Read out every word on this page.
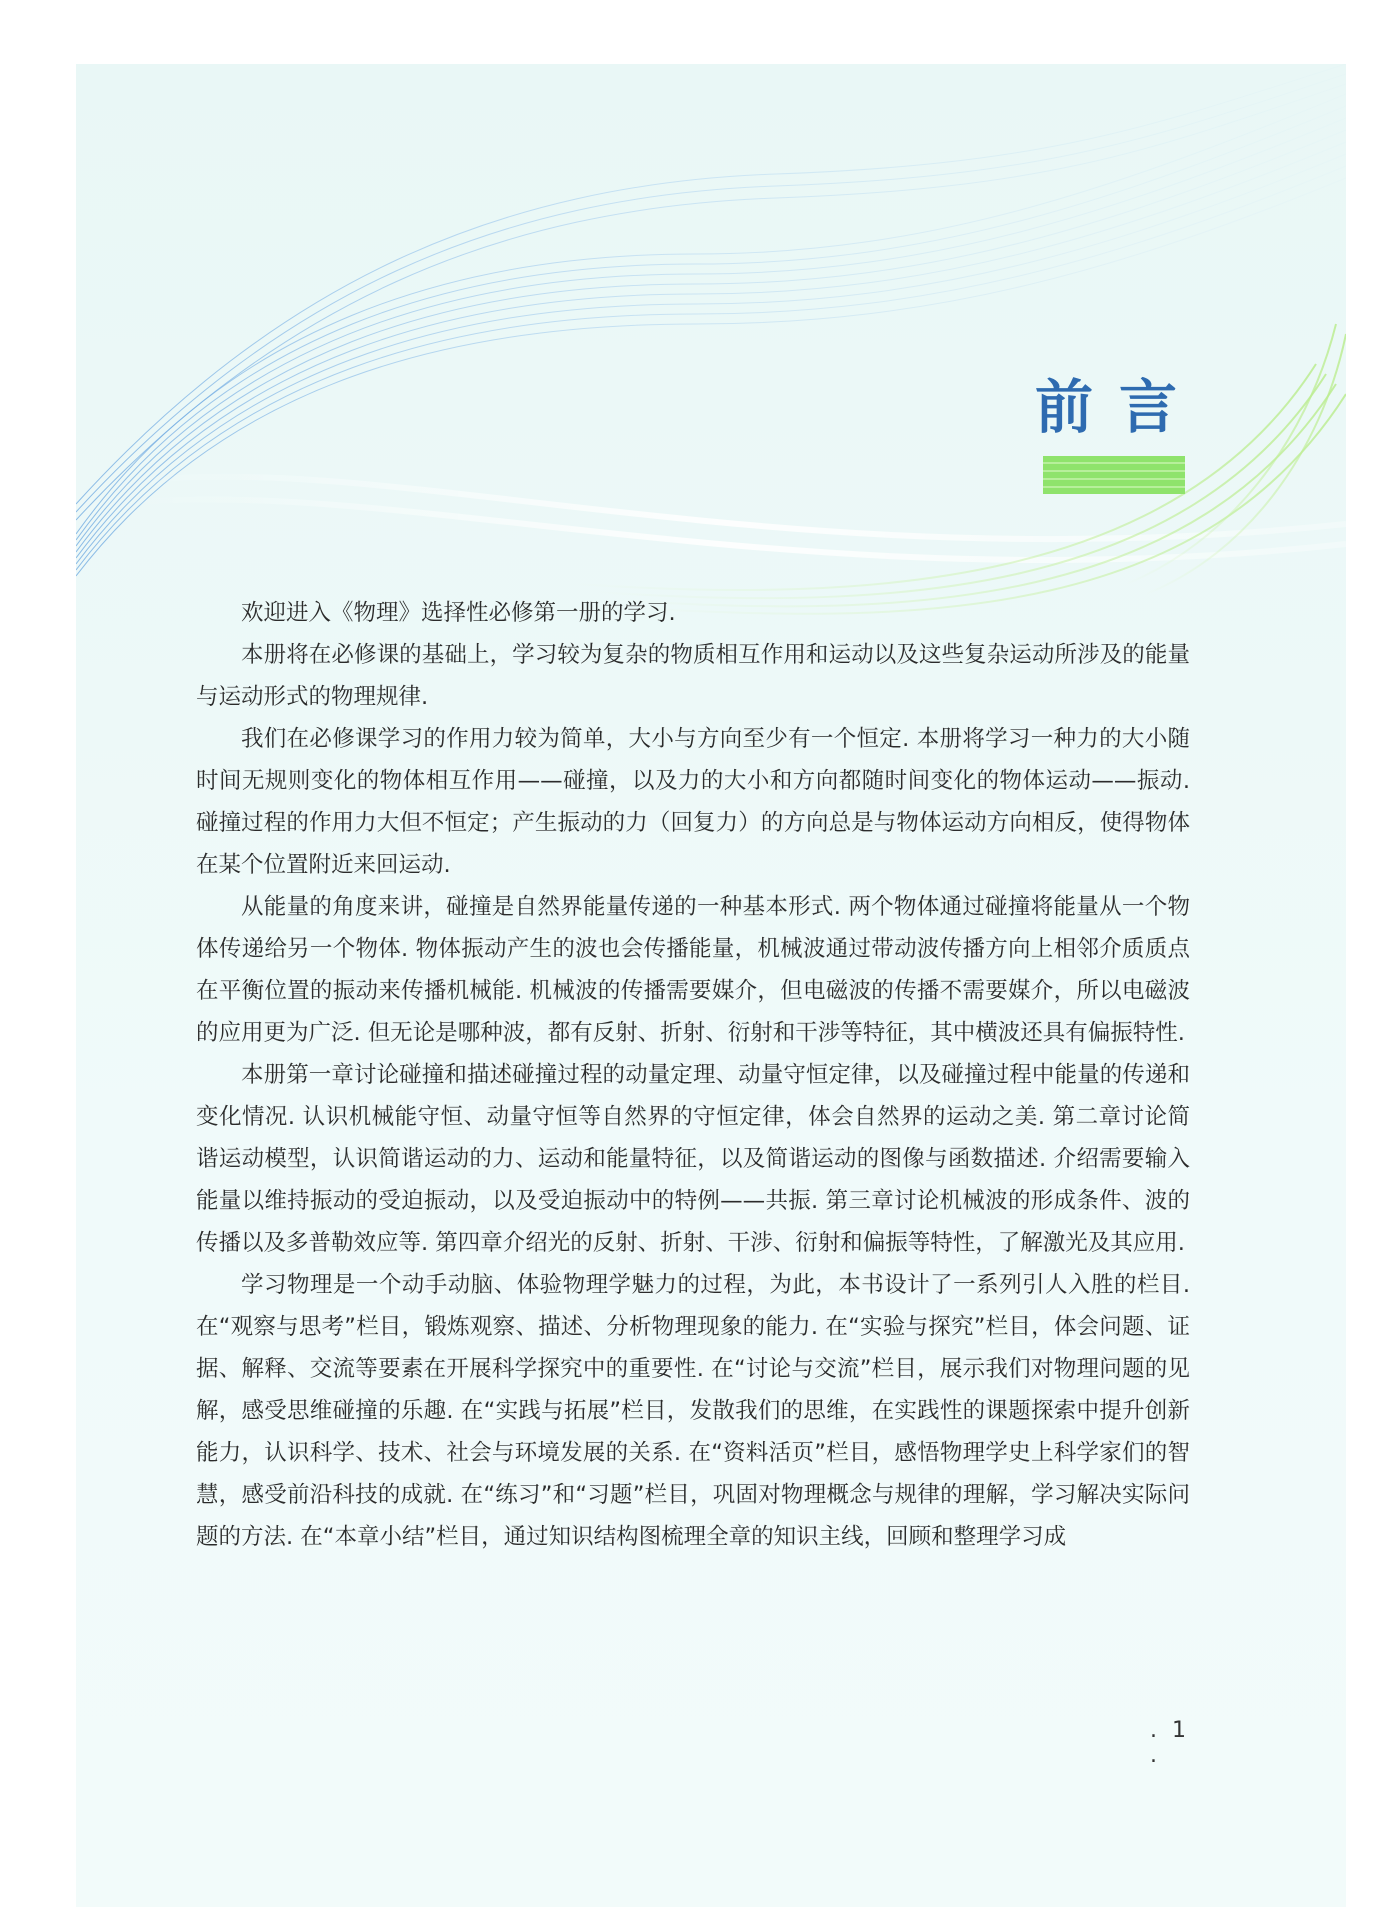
前言

欢迎进入《物理》选择性必修第一册的学习.

本册将在必修课的基础上，学习较为复杂的物质相互作用和运动以及这些复杂运动所涉及的能量与运动形式的物理规律.

我们在必修课学习的作用力较为简单，大小与方向至少有一个恒定. 本册将学习一种力的大小随时间无规则变化的物体相互作用——碰撞，以及力的大小和方向都随时间变化的物体运动——振动. 碰撞过程的作用力大但不恒定；产生振动的力（回复力）的方向总是与物体运动方向相反，使得物体在某个位置附近来回运动.

从能量的角度来讲，碰撞是自然界能量传递的一种基本形式. 两个物体通过碰撞将能量从一个物体传递给另一个物体. 物体振动产生的波也会传播能量，机械波通过带动波传播方向上相邻介质质点在平衡位置的振动来传播机械能. 机械波的传播需要媒介，但电磁波的传播不需要媒介，所以电磁波的应用更为广泛. 但无论是哪种波，都有反射、折射、衍射和干涉等特征，其中横波还具有偏振特性.

本册第一章讨论碰撞和描述碰撞过程的动量定理、动量守恒定律，以及碰撞过程中能量的传递和变化情况. 认识机械能守恒、动量守恒等自然界的守恒定律，体会自然界的运动之美. 第二章讨论简谐运动模型，认识简谐运动的力、运动和能量特征，以及简谐运动的图像与函数描述. 介绍需要输入能量以维持振动的受迫振动，以及受迫振动中的特例——共振. 第三章讨论机械波的形成条件、波的传播以及多普勒效应等. 第四章介绍光的反射、折射、干涉、衍射和偏振等特性，了解激光及其应用.

学习物理是一个动手动脑、体验物理学魅力的过程，为此，本书设计了一系列引人入胜的栏目. 在“观察与思考”栏目，锻炼观察、描述、分析物理现象的能力. 在“实验与探究”栏目，体会问题、证据、解释、交流等要素在开展科学探究中的重要性. 在“讨论与交流”栏目，展示我们对物理问题的见解，感受思维碰撞的乐趣. 在“实践与拓展”栏目，发散我们的思维，在实践性的课题探索中提升创新能力，认识科学、技术、社会与环境发展的关系. 在“资料活页”栏目，感悟物理学史上科学家们的智慧，感受前沿科技的成就. 在“练习”和“习题”栏目，巩固对物理概念与规律的理解，学习解决实际问题的方法. 在“本章小结”栏目，通过知识结构图梳理全章的知识主线，回顾和整理学习成

. 1 .
